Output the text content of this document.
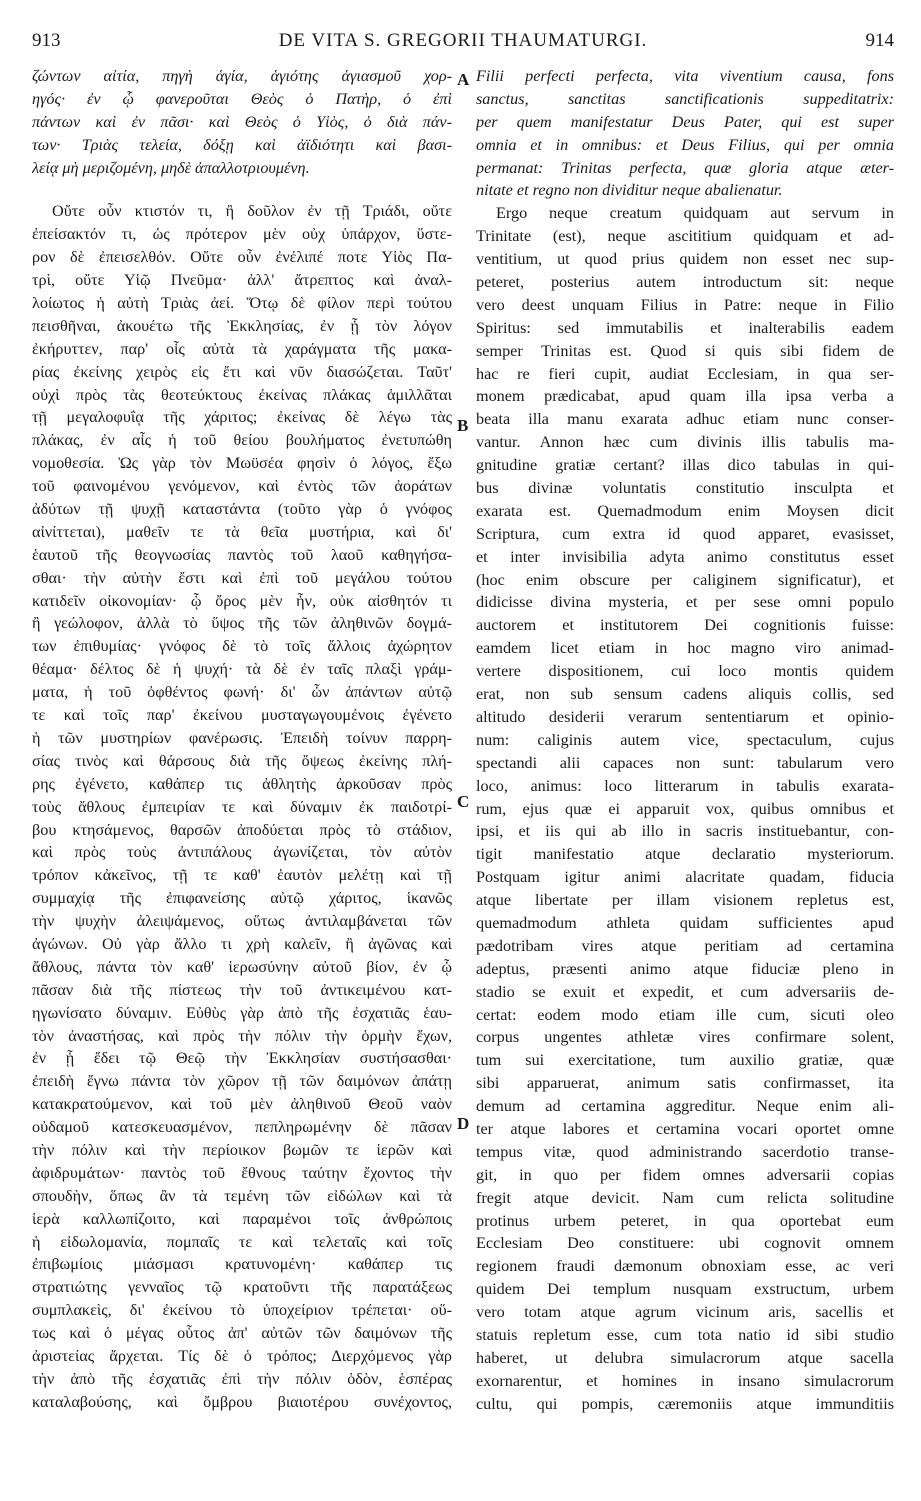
913	DE VITA S. GREGORII THAUMATURGI.	914
ζώντων αἰτία, πηγὴ ἁγία, ἁγιότης ἁγιασμοῦ χορ-
ηγός· ἐν ᾧ φανεροῦται Θεὸς ὁ Πατὴρ, ὁ ἐπὶ
πάντων καὶ ἐν πᾶσι· καὶ Θεὸς ὁ Υἱὸς, ὁ διὰ πάν-
των· Τριὰς τελεία, δόξῃ καὶ ἀϊδιότητι καὶ βασι-
λείᾳ μὴ μεριζομένη, μηδὲ ἀπαλλοτριουμένη.
Οὔτε οὖν κτιστόν τι, ἢ δοῦλον ἐν τῇ Τριάδι, οὔτε
ἐπείσακτόν τι, ὡς πρότερον μὲν οὐχ ὑπάρχον, ὕστε-
ρον δὲ ἐπεισελθόν. Οὔτε οὖν ἐνέλιπέ ποτε Υἱὸς Πα-
τρὶ, οὔτε Υἱῷ Πνεῦμα· ἀλλ' ἄτρεπτος καὶ ἀναλ-
λοίωτος ἡ αὐτὴ Τριὰς ἀεί. Ὅτῳ δὲ φίλον περὶ τούτου
πεισθῆναι, ἀκουέτω τῆς Ἐκκλησίας, ἐν ᾗ τὸν λόγον
ἐκήρυττεν, παρ' οἷς αὐτὰ τὰ χαράγματα τῆς μακα-
ρίας ἐκείνης χειρὸς εἰς ἔτι καὶ νῦν διασώζεται. Ταῦτ'
οὐχὶ πρὸς τὰς θεοτεύκτους ἐκείνας πλάκας ἁμιλλᾶται
τῇ μεγαλοφυΐᾳ τῆς χάριτος; ἐκείνας δὲ λέγω τὰς
πλάκας, ἐν αἷς ἡ τοῦ θείου βουλήματος ἐνετυπώθη
νομοθεσία. Ὡς γὰρ τὸν Μωϋσέα φησὶν ὁ λόγος, ἔξω
τοῦ φαινομένου γενόμενον, καὶ ἐντὸς τῶν ἀοράτων
ἀδύτων τῇ ψυχῇ καταστάντα (τοῦτο γὰρ ὁ γνόφος
αἰνίττεται), μαθεῖν τε τὰ θεῖα μυστήρια, καὶ δι'
ἑαυτοῦ τῆς θεογνωσίας παντὸς τοῦ λαοῦ καθηγήσα-
σθαι· τὴν αὐτὴν ἔστι καὶ ἐπὶ τοῦ μεγάλου τούτου
κατιδεῖν οἰκονομίαν· ᾧ ὄρος μὲν ἦν, οὐκ αἰσθητόν τι
ἢ γεώλοφον, ἀλλὰ τὸ ὕψος τῆς τῶν ἀληθινῶν δογμά-
των ἐπιθυμίας· γνόφος δὲ τὸ τοῖς ἄλλοις ἀχώρητον
θέαμα· δέλτος δὲ ἡ ψυχή· τὰ δὲ ἐν ταῖς πλαξὶ γράμ-
ματα, ἡ τοῦ ὀφθέντος φωνή· δι' ὧν ἁπάντων αὐτῷ
τε καὶ τοῖς παρ' ἐκείνου μυσταγωγουμένοις ἐγένετο
ἡ τῶν μυστηρίων φανέρωσις. Ἐπειδὴ τοίνυν παρρη-
σίας τινὸς καὶ θάρσους διὰ τῆς ὄψεως ἐκείνης πλή-
ρης ἐγένετο, καθάπερ τις ἀθλητὴς ἀρκοῦσαν πρὸς
τοὺς ἄθλους ἐμπειρίαν τε καὶ δύναμιν ἐκ παιδοτρί-
βου κτησάμενος, θαρσῶν ἀποδύεται πρὸς τὸ στάδιον,
καὶ πρὸς τοὺς ἀντιπάλους ἀγωνίζεται, τὸν αὐτὸν
τρόπον κἀκεῖνος, τῇ τε καθ' ἑαυτὸν μελέτῃ καὶ τῇ
συμμαχίᾳ τῆς ἐπιφανείσης αὐτῷ χάριτος, ἱκανῶς
τὴν ψυχὴν ἀλειψάμενος, οὕτως ἀντιλαμβάνεται τῶν
ἀγώνων. Οὐ γὰρ ἄλλο τι χρὴ καλεῖν, ἢ ἀγῶνας καὶ
ἄθλους, πάντα τὸν καθ' ἱερωσύνην αὐτοῦ βίον, ἐν ᾧ
πᾶσαν διὰ τῆς πίστεως τὴν τοῦ ἀντικειμένου κατ-
ηγωνίσατο δύναμιν. Εὐθὺς γὰρ ἀπὸ τῆς ἐσχατιᾶς ἑαυ-
τὸν ἀναστήσας, καὶ πρὸς τὴν πόλιν τὴν ὁρμὴν ἔχων,
ἐν ᾗ ἔδει τῷ Θεῷ τὴν Ἐκκλησίαν συστήσασθαι·
ἐπειδὴ ἔγνω πάντα τὸν χῶρον τῇ τῶν δαιμόνων ἀπάτῃ
κατακρατούμενον, καὶ τοῦ μὲν ἀληθινοῦ Θεοῦ ναὸν
οὐδαμοῦ κατεσκευασμένον, πεπληρωμένην δὲ πᾶσαν
τὴν πόλιν καὶ τὴν περίοικον βωμῶν τε ἱερῶν καὶ
ἀφιδρυμάτων· παντὸς τοῦ ἔθνους ταύτην ἔχοντος τὴν
σπουδὴν, ὅπως ἂν τὰ τεμένη τῶν εἰδώλων καὶ τὰ
ἱερὰ καλλωπίζοιτο, καὶ παραμένοι τοῖς ἀνθρώποις
ἡ εἰδωλομανία, πομπαῖς τε καὶ τελεταῖς καὶ τοῖς
ἐπιβωμίοις μιάσμασι κρατυνομένη· καθάπερ τις
στρατιώτης γενναῖος τῷ κρατοῦντι τῆς παρατάξεως
συμπλακεὶς, δι' ἐκείνου τὸ ὑποχείριον τρέπεται· οὕ-
τως καὶ ὁ μέγας οὗτος ἀπ' αὐτῶν τῶν δαιμόνων τῆς
ἀριστείας ἄρχεται. Τίς δὲ ὁ τρόπος; Διερχόμενος γὰρ
τὴν ἀπὸ τῆς ἐσχατιᾶς ἐπὶ τὴν πόλιν ὁδὸν, ἑσπέρας
καταλαβούσης, καὶ ὄμβρου βιαιοτέρου συνέχοντος,
Filii perfecti perfecta, vita viventium causa, fons
sanctus, sanctitas sanctificationis suppeditatrix:
per quem manifestatur Deus Pater, qui est super
omnia et in omnibus: et Deus Filius, qui per omnia
permanat: Trinitas perfecta, quæ gloria atque æter-
nitate et regno non dividitur neque abalienatur.
Ergo neque creatum quidquam aut servum in
Trinitate (est), neque ascititium quidquam et ad-
ventitium, ut quod prius quidem non esset nec sup-
peteret, posterius autem introductum sit: neque
vero deest unquam Filius in Patre: neque in Filio
Spiritus: sed immutabilis et inalterabilis eadem
semper Trinitas est. Quod si quis sibi fidem de
hac re fieri cupit, audiat Ecclesiam, in qua ser-
monem prædicabat, apud quam illa ipsa verba a
beata illa manu exarata adhuc etiam nunc conser-
vantur. Annon hæc cum divinis illis tabulis ma-
gnitudine gratiæ certant? illas dico tabulas in qui-
bus divinæ voluntatis constitutio insculpta et
exarata est. Quemadmodum enim Moysen dicit
Scriptura, cum extra id quod apparet, evasisset,
et inter invisibilia adyta animo constitutus esset
(hoc enim obscure per caliginem significatur), et
didicisse divina mysteria, et per sese omni populo
auctorem et institutorem Dei cognitionis fuisse:
eamdem licet etiam in hoc magno viro animad-
vertere dispositionem, cui loco montis quidem
erat, non sub sensum cadens aliquis collis, sed
altitudo desiderii verarum sententiarum et opinio-
num: caliginis autem vice, spectaculum, cujus
spectandi alii capaces non sunt: tabularum vero
loco, animus: loco litterarum in tabulis exarata-
rum, ejus quæ ei apparuit vox, quibus omnibus et
ipsi, et iis qui ab illo in sacris instituebantur, con-
tigit manifestatio atque declaratio mysteriorum.
Postquam igitur animi alacritate quadam, fiducia
atque libertate per illam visionem repletus est,
quemadmodum athleta quidam sufficientes apud
pædotribam vires atque peritiam ad certamina
adeptus, præsenti animo atque fiduciæ pleno in
stadio se exuit et expedit, et cum adversariis de-
certat: eodem modo etiam ille cum, sicuti oleo
corpus ungentes athletæ vires confirmare solent,
tum sui exercitatione, tum auxilio gratiæ, quæ
sibi apparuerat, animum satis confirmasset, ita
demum ad certamina aggreditur. Neque enim ali-
ter atque labores et certamina vocari oportet omne
tempus vitæ, quod administrando sacerdotio transe-
git, in quo per fidem omnes adversarii copias
fregit atque devicit. Nam cum relicta solitudine
protinus urbem peteret, in qua oportebat eum
Ecclesiam Deo constituere: ubi cognovit omnem
regionem fraudi dæmonum obnoxiam esse, ac veri
quidem Dei templum nusquam exstructum, urbem
vero totam atque agrum vicinum aris, sacellis et
statuis repletum esse, cum tota natio id sibi studio
haberet, ut delubra simulacrorum atque sacella
exornarentur, et homines in insano simulacrorum
cultu, qui pompis, cæremoniis atque immunditiis
A
B
C
D
